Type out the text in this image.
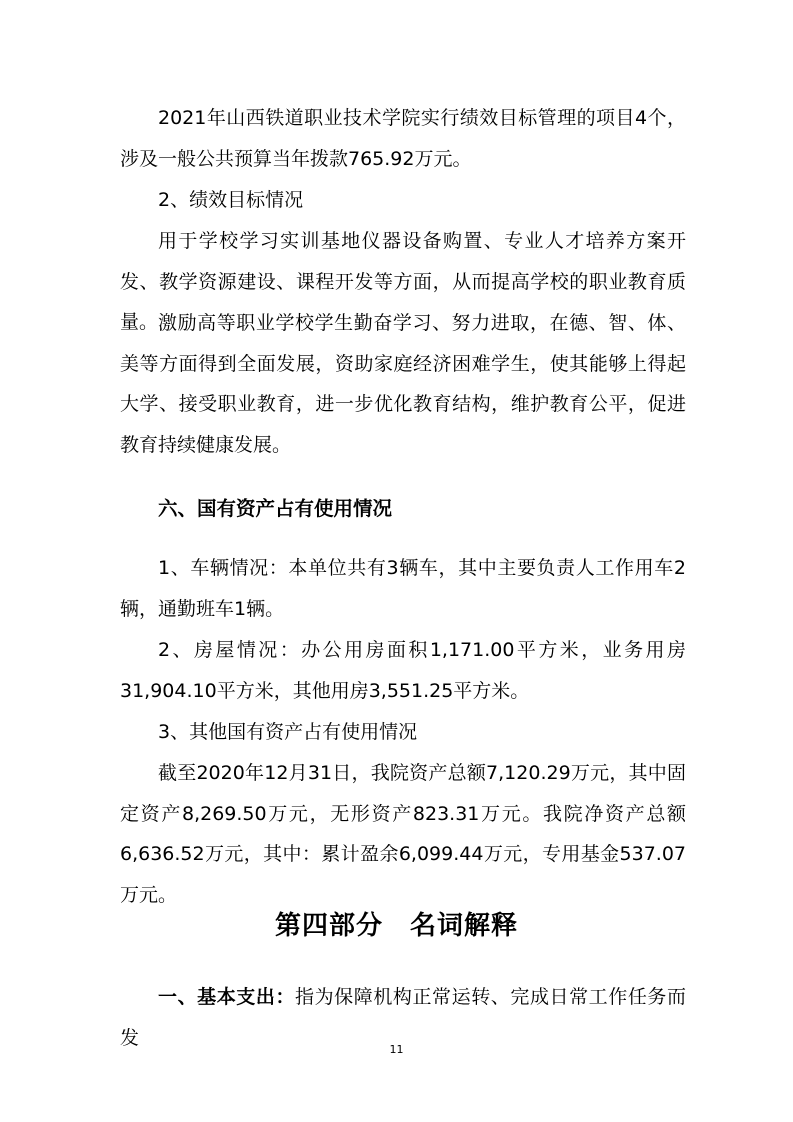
2021年山西铁道职业技术学院实行绩效目标管理的项目4个，涉及一般公共预算当年拨款765.92万元。

2、绩效目标情况

用于学校学习实训基地仪器设备购置、专业人才培养方案开发、教学资源建设、课程开发等方面，从而提高学校的职业教育质量。 激励高等职业学校学生勤奋学习、努力进取，在德、智、体、美等方面得到全面发展，资助家庭经济困难学生，使其能够上得起大学、接受职业教育，进一步优化教育结构，维护教育公平，促进教育持续健康发展。

六、国有资产占有使用情况

1、车辆情况：本单位共有3辆车，其中主要负责人工作用车2辆，通勤班车1辆。

2、房屋情况：办公用房面积1,171.00平方米，业务用房31,904.10平方米，其他用房3,551.25平方米。

3、其他国有资产占有使用情况

截至2020年12月31日，我院资产总额7,120.29万元，其中固定资产8,269.50万元，无形资产823.31万元。我院净资产总额6,636.52万元，其中：累计盈余6,099.44万元，专用基金537.07万元。

第四部分　名词解释

一、基本支出：指为保障机构正常运转、完成日常工作任务而发

11
